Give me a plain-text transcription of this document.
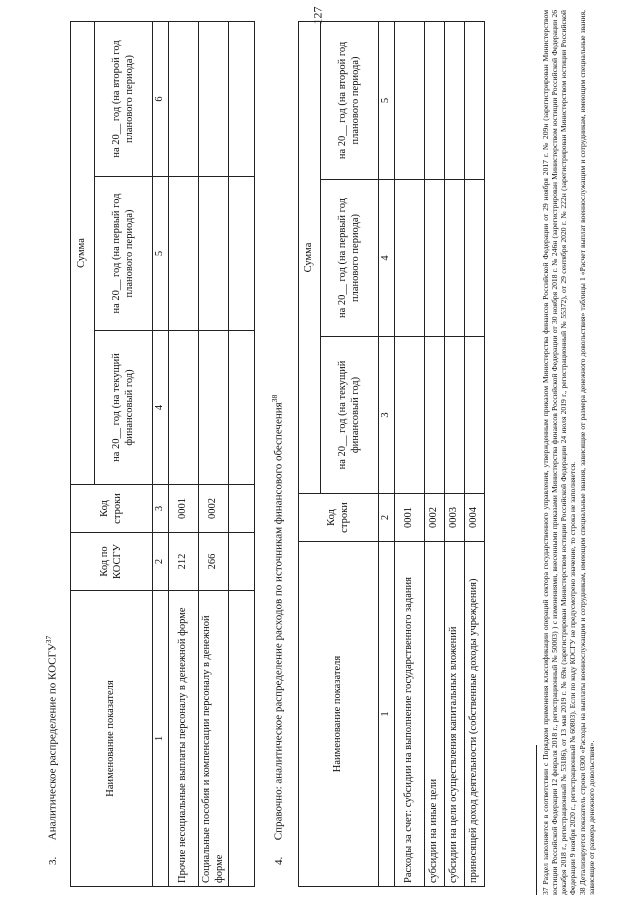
127
3. Аналитическое распределение по КОСГУ$^{37}$
Наименование показателя	Код по КОСГУ	Код строки	Сумма		
			на 20__ год (на текущий финансовый год)	на 20__ год (на первый год планового периода)	на 20__ год (на второй год планового периода)
1	2	3	4	5	6
Прочие несоциальные выплаты персоналу в денежной форме	212	0001			
Социальные пособия и компенсации персоналу в денежной форме	266	0002			

4. Справочно: аналитическое распределение расходов по источникам финансового обеспечения$^{38}$
Наименование показателя	Код строки	Сумма		
		на 20__ год (на текущий финансовый год)	на 20__ год (на первый год планового периода)	на 20__ год (на второй год планового периода)
1	2	3	4	5
Расходы за счет: субсидии на выполнение государственного задания	0001			
субсидии на иные цели	0002			
субсидии на цели осуществления капитальных вложений	0003			
приносящей доход деятельности (собственные доходы учреждения)	0004				37 Раздел заполняется в соответствии с Порядком применения классификации операций сектора государственного управления, утвержденным приказом Министерства финансов Российской Федерации от 29 ноября 2017 г. № 209н (зарегистрирован Министерством юстиции Российской Федерации 12 февраля 2018 г., регистрационный № 50003) ) с изменениями, внесенными приказами Министерства финансов Российской Федерации от 30 ноября 2018 г. № 246н (зарегистрирован Министерством юстиции Российской Федерации 26 декабря 2018 г., регистрационный № 53186), от 13 мая 2019 г. № 69н (зарегистрирован Министерством юстиции Российской Федерации 24 июля 2019 г., регистрационный № 55372), от 29 сентября 2020 г. № 222н (зарегистрирован Министерством юстиции Российской Федерации 9 ноября 2020 г., регистрационный № 60803). Если по коду КОСГУ не предусмотрено значение, то строка не заполняется. 38 Детализируется показатель строки 0300 «Расходы на выплаты военнослужащим и сотрудникам, имеющим специальные звания, зависящие от размера денежного довольствия» таблицы 1 «Расчет выплат военнослужащим и сотрудникам, имеющим специальные звания, зависящие от размера денежного довольствия».
